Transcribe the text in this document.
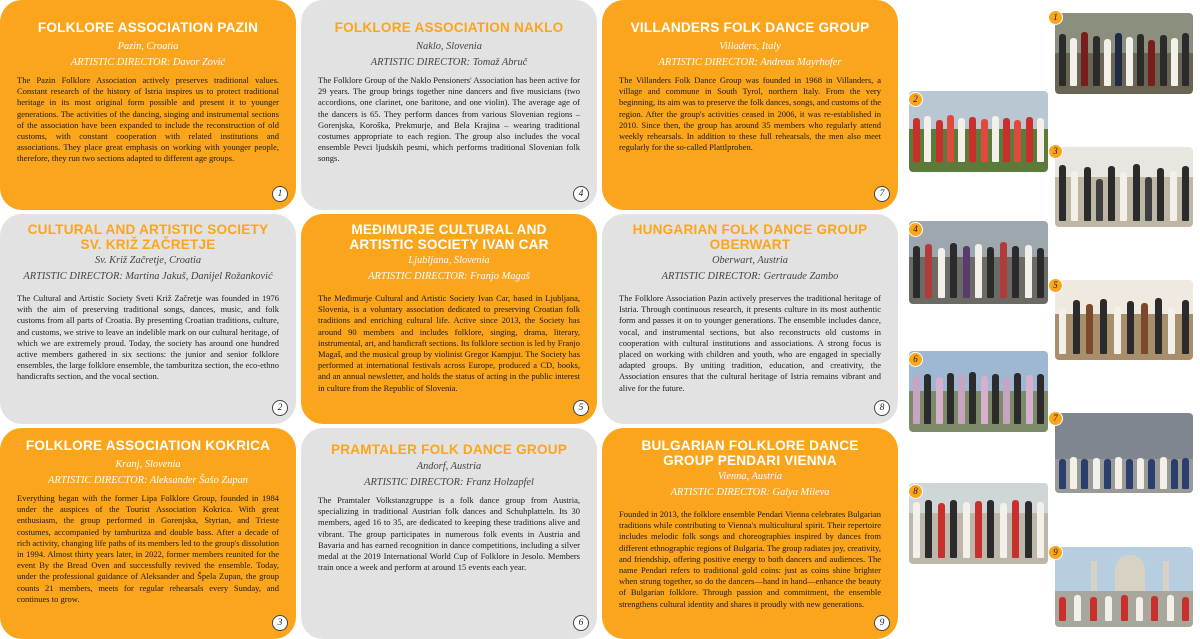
FOLKLORE ASSOCIATION PAZIN
Pazin, Croatia
ARTISTIC DIRECTOR: Davor Zović
The Pazin Folklore Association actively preserves traditional values. Constant research of the history of Istria inspires us to protect traditional heritage in its most original form possible and present it to younger generations. The activities of the dancing, singing and instrumental sections of the association have been expanded to include the reconstruction of old customs, with constant cooperation with related institutions and associations. They place great emphasis on working with younger people, therefore, they run two sections adapted to different age groups.
1
FOLKLORE ASSOCIATION NAKLO
Naklo, Slovenia
ARTISTIC DIRECTOR: Tomaž Abruč
The Folklore Group of the Naklo Pensioners' Association has been active for 29 years. The group brings together nine dancers and five musicians (two accordions, one clarinet, one baritone, and one violin). The average age of the dancers is 65. They perform dances from various Slovenian regions – Gorenjska, Koroška, Prekmurje, and Bela Krajina – wearing traditional costumes appropriate to each region. The group also includes the vocal ensemble Pevci ljudskih pesmi, which performs traditional Slovenian folk songs.
4
VILLANDERS FOLK DANCE GROUP
Villaders, Italy
ARTISTIC DIRECTOR: Andreas Mayrhofer
The Villanders Folk Dance Group was founded in 1968 in Villanders, a village and commune in South Tyrol, northern Italy. From the very beginning, its aim was to preserve the folk dances, songs, and customs of the region. After the group's activities ceased in 2006, it was re-established in 2010. Since then, the group has around 35 members who regularly attend weekly rehearsals. In addition to these full rehearsals, the men also meet regularly for the so-called Plattlproben.
7
CULTURAL AND ARTISTIC SOCIETY SV. KRIŽ ZAČRETJE
Sv. Križ Začretje, Croatia
ARTISTIC DIRECTOR: Martina Jakuš, Danijel Rožanković
The Cultural and Artistic Society Sveti Križ Začretje was founded in 1976 with the aim of preserving traditional songs, dances, music, and folk customs from all parts of Croatia. By presenting Croatian traditions, culture, and customs, we strive to leave an indelible mark on our cultural heritage, of which we are extremely proud. Today, the society has around one hundred active members gathered in six sections: the junior and senior folklore ensembles, the large folklore ensemble, the tamburitza section, the eco-ethno handicrafts section, and the vocal section.
2
MEĐIMURJE CULTURAL AND ARTISTIC SOCIETY IVAN CAR
Ljubljana, Slovenia
ARTISTIC DIRECTOR: Franjo Magaš
The Međimurje Cultural and Artistic Society Ivan Car, based in Ljubljana, Slovenia, is a voluntary association dedicated to preserving Croatian folk traditions and enriching cultural life. Active since 2013, the Society has around 90 members and includes folklore, singing, drama, literary, instrumental, art, and handicraft sections. Its folklore section is led by Franjo Magaš, and the musical group by violinist Gregor Kampjut. The Society has performed at international festivals across Europe, produced a CD, books, and an annual newsletter, and holds the status of acting in the public interest in culture from the Republic of Slovenia.
5
HUNGARIAN FOLK DANCE GROUP OBERWART
Oberwart, Austria
ARTISTIC DIRECTOR: Gertraude Zambo
The Folklore Association Pazin actively preserves the traditional heritage of Istria. Through continuous research, it presents culture in its most authentic form and passes it on to younger generations. The ensemble includes dance, vocal, and instrumental sections, but also reconstructs old customs in cooperation with cultural institutions and associations. A strong focus is placed on working with children and youth, who are engaged in specially adapted groups. By uniting tradition, education, and creativity, the Association ensures that the cultural heritage of Istria remains vibrant and alive for the future.
8
FOLKLORE ASSOCIATION KOKRICA
Kranj, Slovenia
ARTISTIC DIRECTOR: Aleksander Šašo Zupan
Everything began with the former Lipa Folklore Group, founded in 1984 under the auspices of the Tourist Association Kokrica. With great enthusiasm, the group performed in Gorenjska, Styrian, and Trieste costumes, accompanied by tamburitza and double bass. After a decade of rich activity, changing life paths of its members led to the group's dissolution in 1994. Almost thirty years later, in 2022, former members reunited for the event By the Bread Oven and successfully revived the ensemble. Today, under the professional guidance of Aleksander and Špela Zupan, the group counts 21 members, meets for regular rehearsals every Sunday, and continues to grow.
3
PRAMTALER FOLK DANCE GROUP
Andorf, Austria
ARTISTIC DIRECTOR: Franz Holzapfel
The Pramtaler Volkstanzgruppe is a folk dance group from Austria, specializing in traditional Austrian folk dances and Schuhplatteln. Its 30 members, aged 16 to 35, are dedicated to keeping these traditions alive and vibrant. The group participates in numerous folk events in Austria and Bavaria and has earned recognition in dance competitions, including a silver medal at the 2019 International World Cup of Folklore in Jesolo. Members train once a week and perform at around 15 events each year.
6
BULGARIAN FOLKLORE DANCE GROUP PENDARI VIENNA
Vienna, Austria
ARTISTIC DIRECTOR: Galya Mileva
Founded in 2013, the folklore ensemble Pendari Vienna celebrates Bulgarian traditions while contributing to Vienna's multicultural spirit. Their repertoire includes melodic folk songs and choreographies inspired by dances from different ethnographic regions of Bulgaria. The group radiates joy, creativity, and friendship, offering positive energy to both dancers and audiences. The name Pendari refers to traditional gold coins: just as coins shine brighter when strung together, so do the dancers—hand in hand—enhance the beauty of Bulgarian folklore. Through passion and commitment, the ensemble strengthens cultural identity and shares it proudly with new generations.
9
1
2
3
4
5
6
7
8
9
